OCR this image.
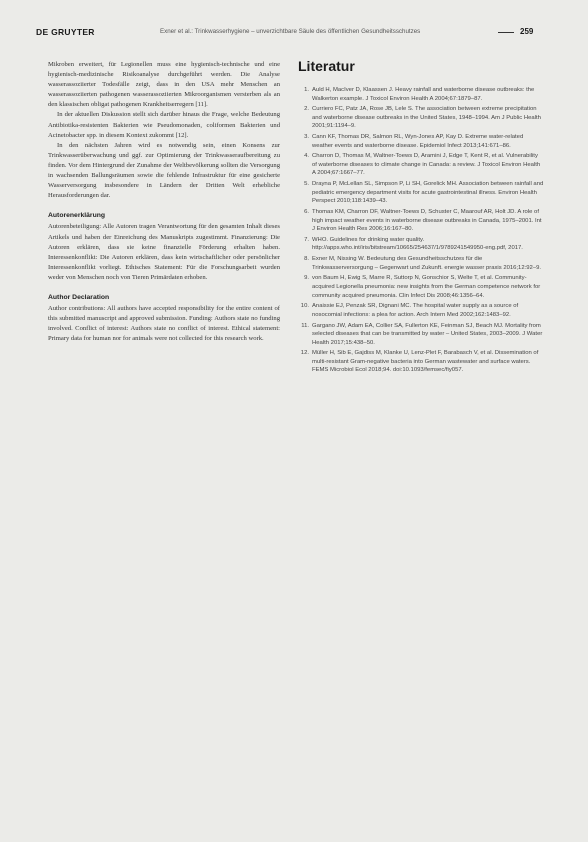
DE GRUYTER	Exner et al.: Trinkwasserhygiene – unverzichtbare Säule des öffentlichen Gesundheitsschutzes	259

Mikroben erweitert, für Legionellen muss eine hygienisch-technische und eine hygienisch-medizinische Risikoanalyse durchgeführt werden. Die Analyse wasserassoziierter Todesfälle zeigt, dass in den USA mehr Menschen an wasserassoziierten pathogenen wasserassoziierten Mikroorganismen versterben als an den klassischen obligat pathogenen Krankheitserregern [11].

In der aktuellen Diskussion stellt sich darüber hinaus die Frage, welche Bedeutung Antibiotika-resistenten Bakterien wie Pseudomonaden, coliformen Bakterien und Acinetobacter spp. in diesem Kontext zukommt [12].

In den nächsten Jahren wird es notwendig sein, einen Konsens zur Trinkwasserüberwachung und ggf. zur Optimierung der Trinkwasseraufbereitung zu finden. Vor dem Hintergrund der Zunahme der Weltbevölkerung sollten die Versorgung in wachsenden Ballungsräumen sowie die fehlende Infrastruktur für eine gesicherte Wasserversorgung insbesondere in Ländern der Dritten Welt erhebliche Herausforderungen dar.

Autorenerklärung

Autorenbeteiligung: Alle Autoren tragen Verantwortung für den gesamten Inhalt dieses Artikels und haben der Einreichung des Manuskripts zugestimmt. Finanzierung: Die Autoren erklären, dass sie keine finanzielle Förderung erhalten haben. Interessenkonflikt: Die Autoren erklären, dass kein wirtschaftlicher oder persönlicher Interessenkonflikt vorliegt. Ethisches Statement: Für die Forschungsarbeit wurden weder von Menschen noch von Tieren Primärdaten erhoben.

Author Declaration

Author contributions: All authors have accepted responsibility for the entire content of this submitted manuscript and approved submission. Funding: Authors state no funding involved. Conflict of interest: Authors state no conflict of interest. Ethical statement: Primary data for human nor for animals were not collected for this research work.

Literatur
1. Auld H, MacIver D, Klaassen J. Heavy rainfall and waterborne disease outbreaks: the Walkerton example. J Toxicol Environ Health A 2004;67:1879–87.
2. Curriero FC, Patz JA, Rose JB, Lele S. The association between extreme precipitation and waterborne disease outbreaks in the United States, 1948–1994. Am J Public Health 2001;91:1194–9.
3. Cann KF, Thomas DR, Salmon RL, Wyn-Jones AP, Kay D. Extreme water-related weather events and waterborne disease. Epidemiol Infect 2013;141:671–86.
4. Charron D, Thomas M, Waltner-Toews D, Aramini J, Edge T, Kent R, et al. Vulnerability of waterborne diseases to climate change in Canada: a review. J Toxicol Environ Health A 2004;67:1667–77.
5. Drayna P, McLellan SL, Simpson P, Li SH, Gorelick MH. Association between rainfall and pediatric emergency department visits for acute gastrointestinal illness. Environ Health Perspect 2010;118:1439–43.
6. Thomas KM, Charron DF, Waltner-Toews D, Schuster C, Maarouf AR, Holt JD. A role of high impact weather events in waterborne disease outbreaks in Canada, 1975–2001. Int J Environ Health Res 2006;16:167–80.
7. WHO. Guidelines for drinking water quality. http://apps.who.int/iris/bitstream/10665/254637/1/9789241549950-eng.pdf, 2017.
8. Exner M, Nissing W. Bedeutung des Gesundheitsschutzes für die Trinkwasserversorgung – Gegenwart und Zukunft. energie wasser praxis 2016;12:92–9.
9. von Baum H, Ewig S, Marre R, Suttorp N, Gonschior S, Welte T, et al. Community-acquired Legionella pneumonia: new insights from the German competence network for community acquired pneumonia. Clin Infect Dis 2008;46:1356–64.
10. Anaissie EJ, Penzak SR, Dignani MC. The hospital water supply as a source of nosocomial infections: a plea for action. Arch Intern Med 2002;162:1483–92.
11. Gargano JW, Adam EA, Collier SA, Fullerton KE, Feinman SJ, Beach MJ. Mortality from selected diseases that can be transmitted by water – United States, 2003–2009. J Water Health 2017;15:438–50.
12. Müller H, Sib E, Gajdiss M, Klanke U, Lenz-Plet F, Barabasch V, et al. Dissemination of multi-resistant Gram-negative bacteria into German wastewater and surface waters. FEMS Microbiol Ecol 2018;94. doi:10.1093/femsec/fiy057.
